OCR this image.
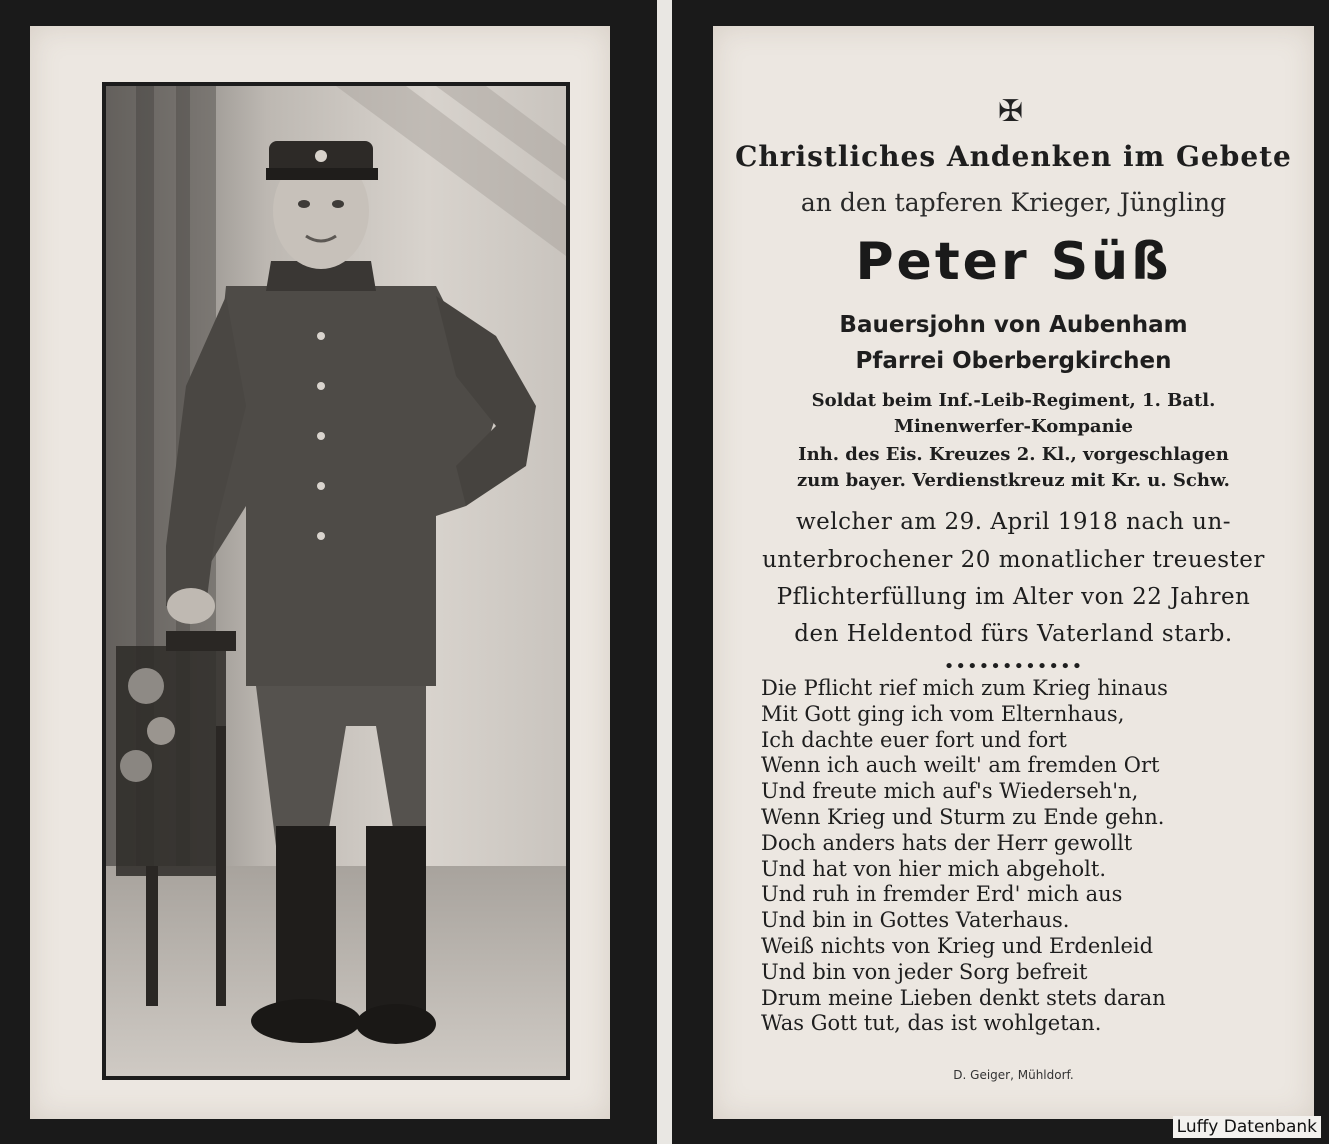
✠
Christliches Andenken im Gebete
an den tapferen Krieger, Jüngling
Peter Süß
Bauersjohn von Aubenham
Pfarrei Oberbergkirchen
Soldat beim Inf.-Leib-Regiment, 1. Batl.
Minenwerfer-Kompanie
Inh. des Eis. Kreuzes 2. Kl., vorgeschlagen
zum bayer. Verdienstkreuz mit Kr. u. Schw.
welcher am 29. April 1918 nach un-
unterbrochener 20 monatlicher treuester
Pflichterfüllung im Alter von 22 Jahren
den Heldentod fürs Vaterland starb.
••••••••••••
Die Pflicht rief mich zum Krieg hinaus
Mit Gott ging ich vom Elternhaus,
Ich dachte euer fort und fort
Wenn ich auch weilt' am fremden Ort
Und freute mich auf's Wiederseh'n,
Wenn Krieg und Sturm zu Ende gehn.
Doch anders hats der Herr gewollt
Und hat von hier mich abgeholt.
Und ruh in fremder Erd' mich aus
Und bin in Gottes Vaterhaus.
Weiß nichts von Krieg und Erdenleid
Und bin von jeder Sorg befreit
Drum meine Lieben denkt stets daran
Was Gott tut, das ist wohlgetan.
D. Geiger, Mühldorf.
Luffy Datenbank
